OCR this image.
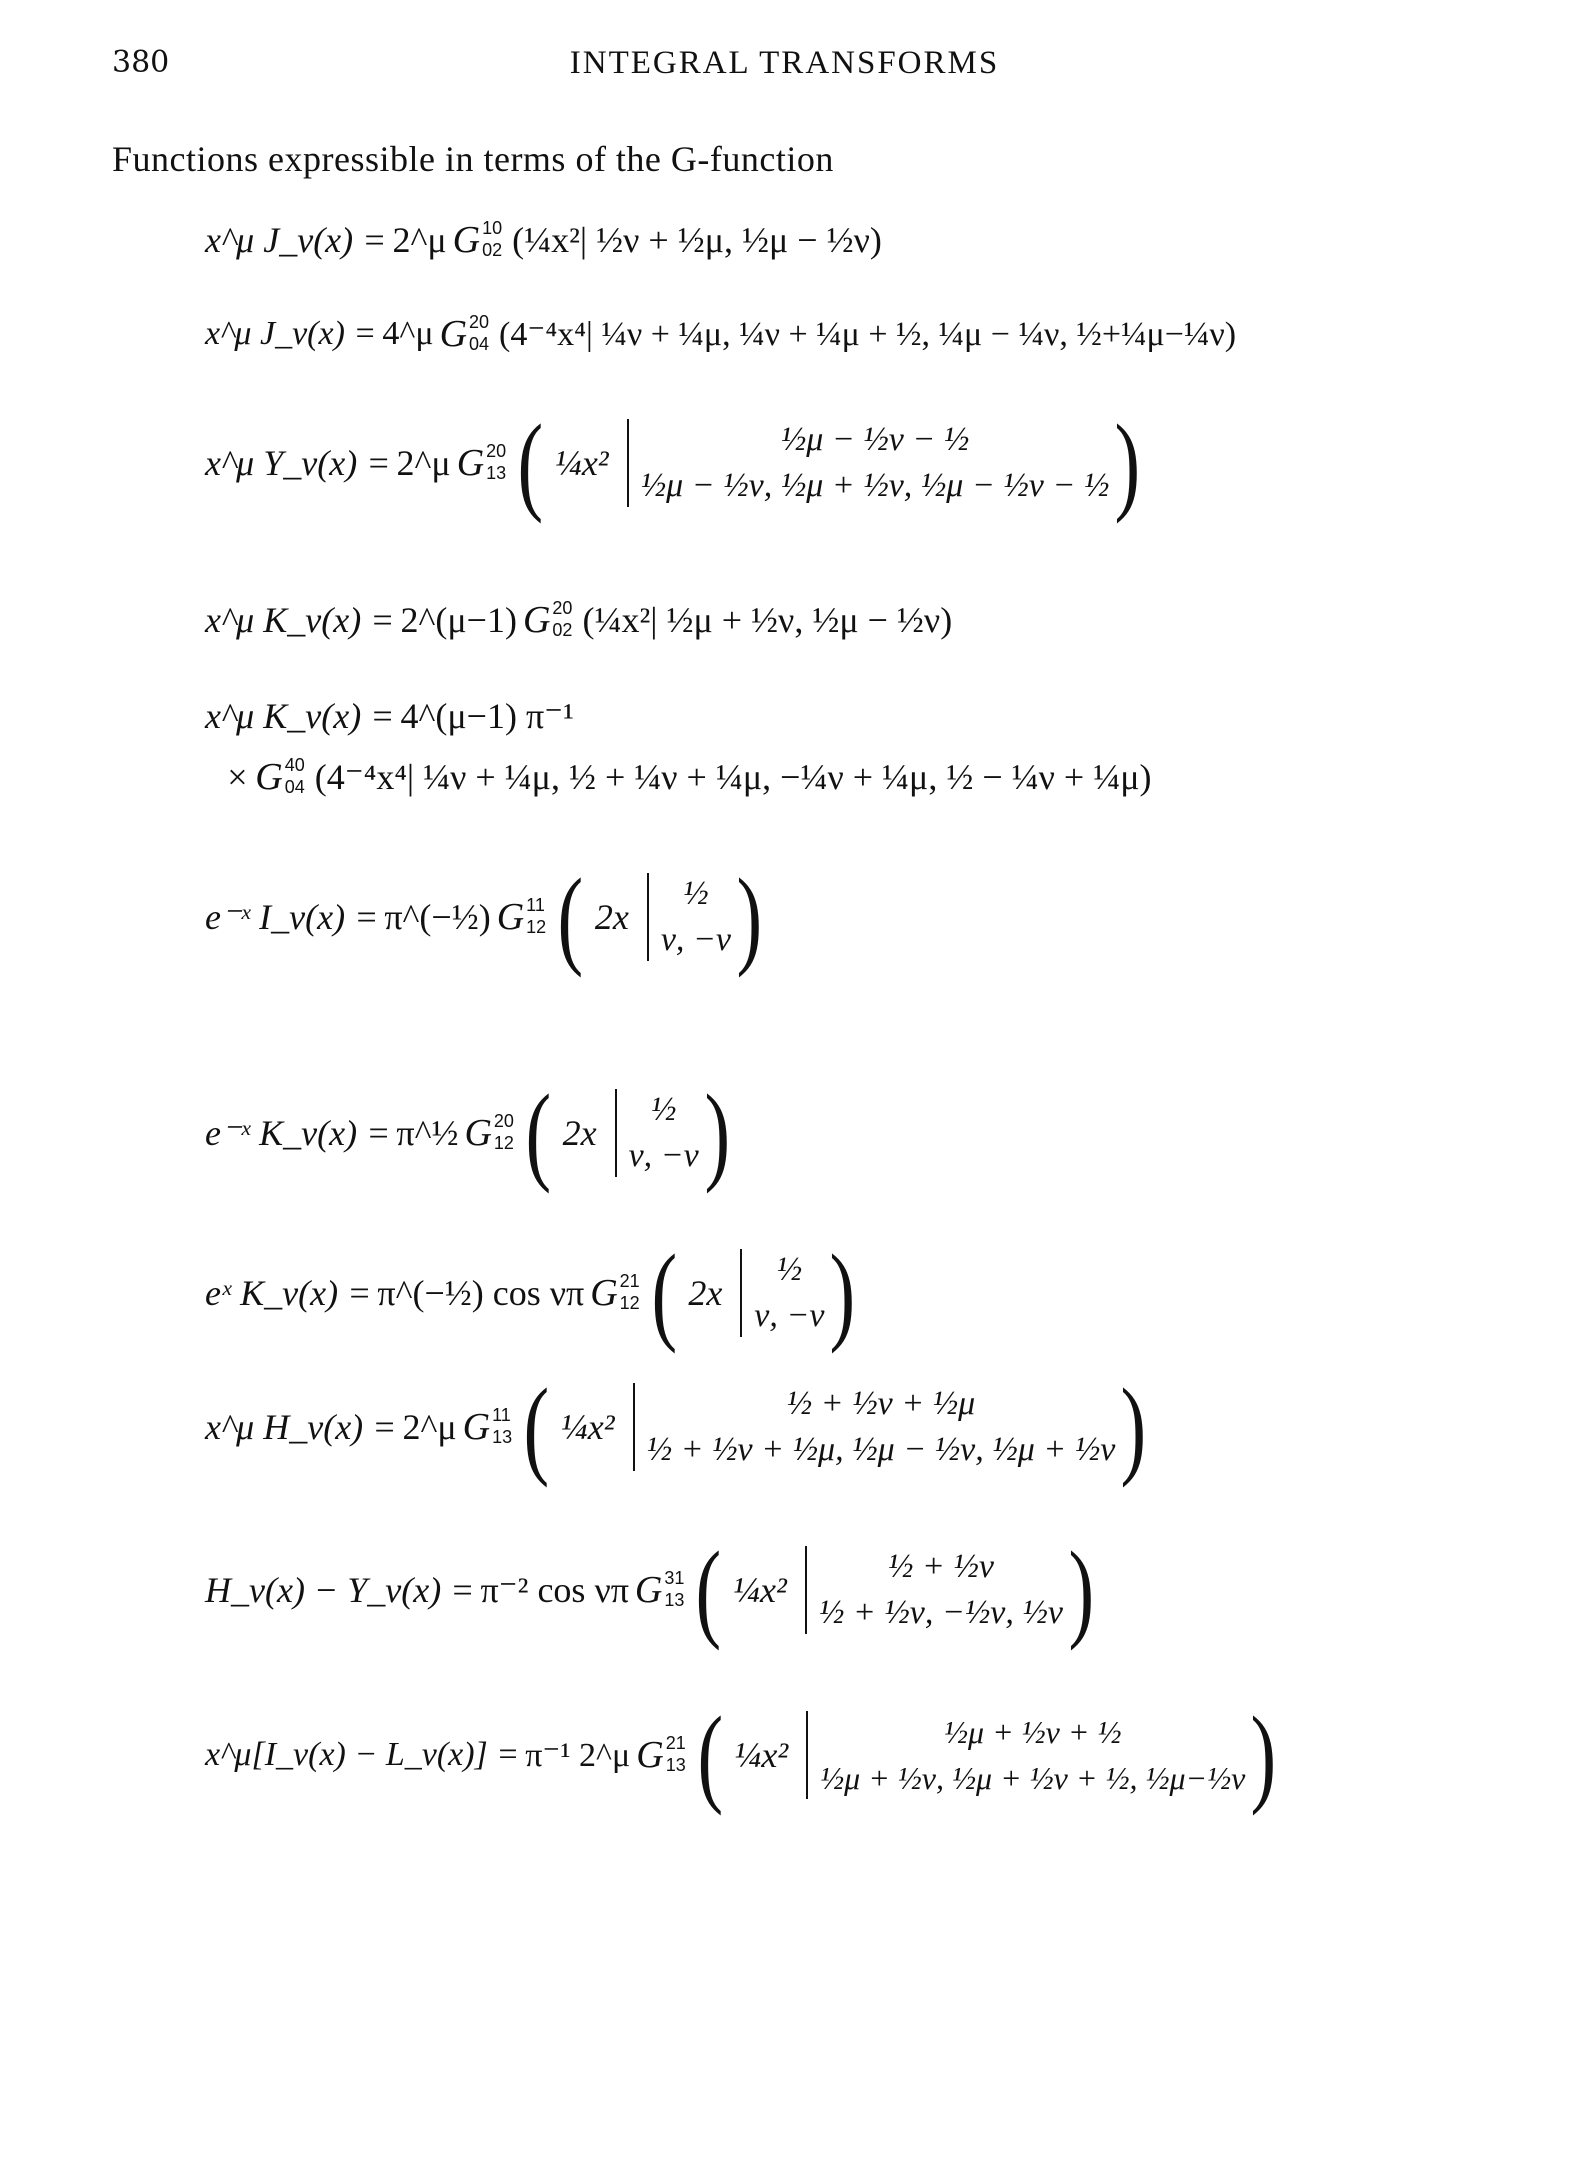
380	INTEGRAL TRANSFORMS
Functions expressible in terms of the G-function
x^μ J_ν(x) = 2^μ G 10
02 (¼x²| ½ν + ½μ, ½μ − ½ν)
x^μ J_ν(x) = 4^μ G 20
04 (4⁻⁴x⁴| ¼ν + ¼μ, ¼ν + ¼μ + ½, ¼μ − ¼ν, ½+¼μ−¼ν)
x^μ Y_ν(x) = 2^μ G 20
13 ( ¼x²
½μ − ½ν − ½
½μ − ½ν, ½μ + ½ν, ½μ − ½ν − ½ )
x^μ K_ν(x) = 2^(μ−1) G 20
02 (¼x²| ½μ + ½ν, ½μ − ½ν)
x^μ K_ν(x) = 4^(μ−1) π⁻¹
× G 40
04 (4⁻⁴x⁴| ¼ν + ¼μ, ½ + ¼ν + ¼μ, −¼ν + ¼μ, ½ − ¼ν + ¼μ)
e⁻ˣ I_ν(x) = π^(−½) G 11
12 ( 2x
½
ν, −ν )
e⁻ˣ K_ν(x) = π^½ G 20
12 ( 2x
½
ν, −ν )
eˣ K_ν(x) = π^(−½) cos νπ G 21
12 ( 2x
½
ν, −ν )
x^μ H_ν(x) = 2^μ G 11
13 ( ¼x²
½ + ½ν + ½μ
½ + ½ν + ½μ, ½μ − ½ν, ½μ + ½ν )
H_ν(x) − Y_ν(x) = π⁻² cos νπ G 31
13 ( ¼x²
½ + ½ν
½ + ½ν, −½ν, ½ν )
x^μ[I_ν(x) − L_ν(x)] = π⁻¹ 2^μ G 21
13 ( ¼x²
½μ + ½ν + ½
½μ + ½ν, ½μ + ½ν + ½, ½μ−½ν )
